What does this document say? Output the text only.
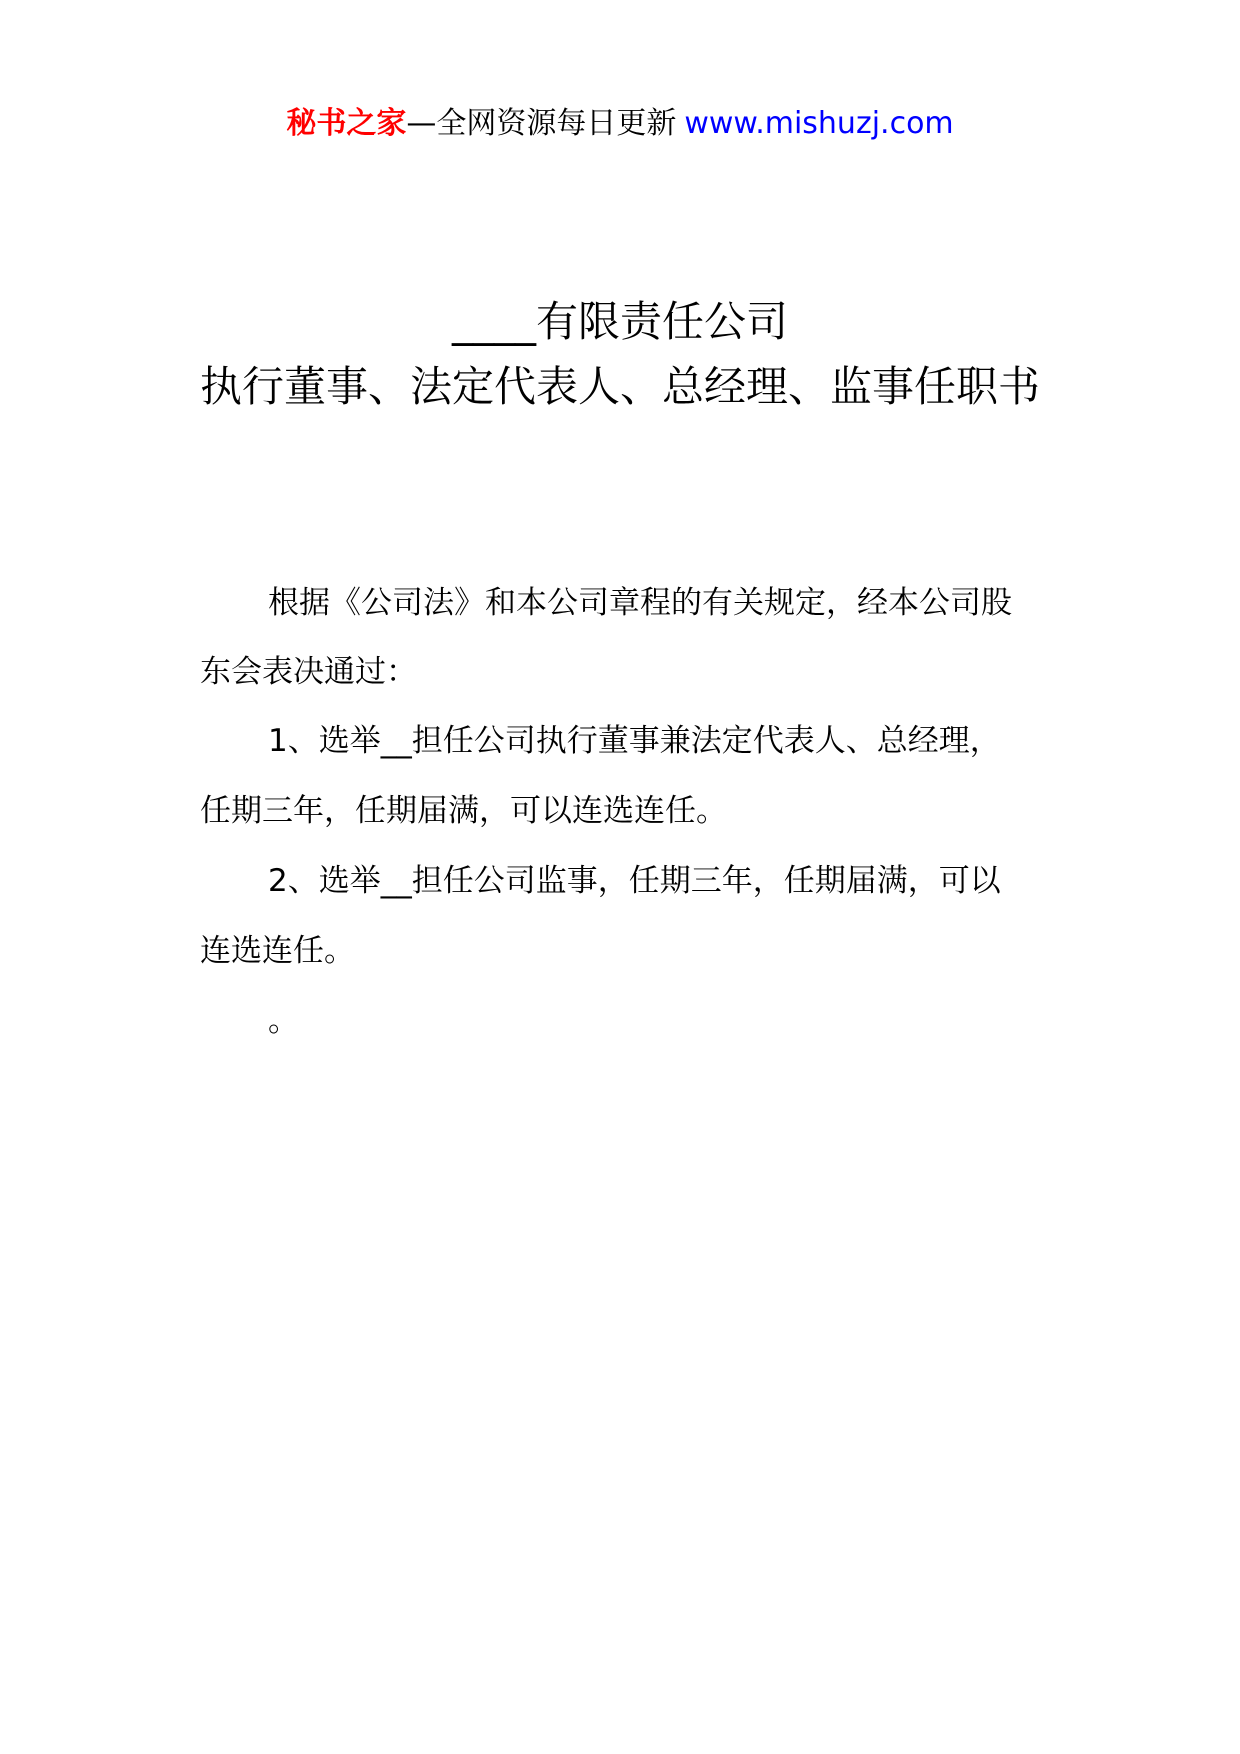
秘书之家—全网资源每日更新 www.mishuzj.com
____有限责任公司
执行董事、法定代表人、总经理、监事任职书
根据《公司法》和本公司章程的有关规定，经本公司股
东会表决通过：
1、选举__担任公司执行董事兼法定代表人、总经理，
任期三年，任期届满，可以连选连任。
2、选举__担任公司监事，任期三年，任期届满，可以
连选连任。
。
